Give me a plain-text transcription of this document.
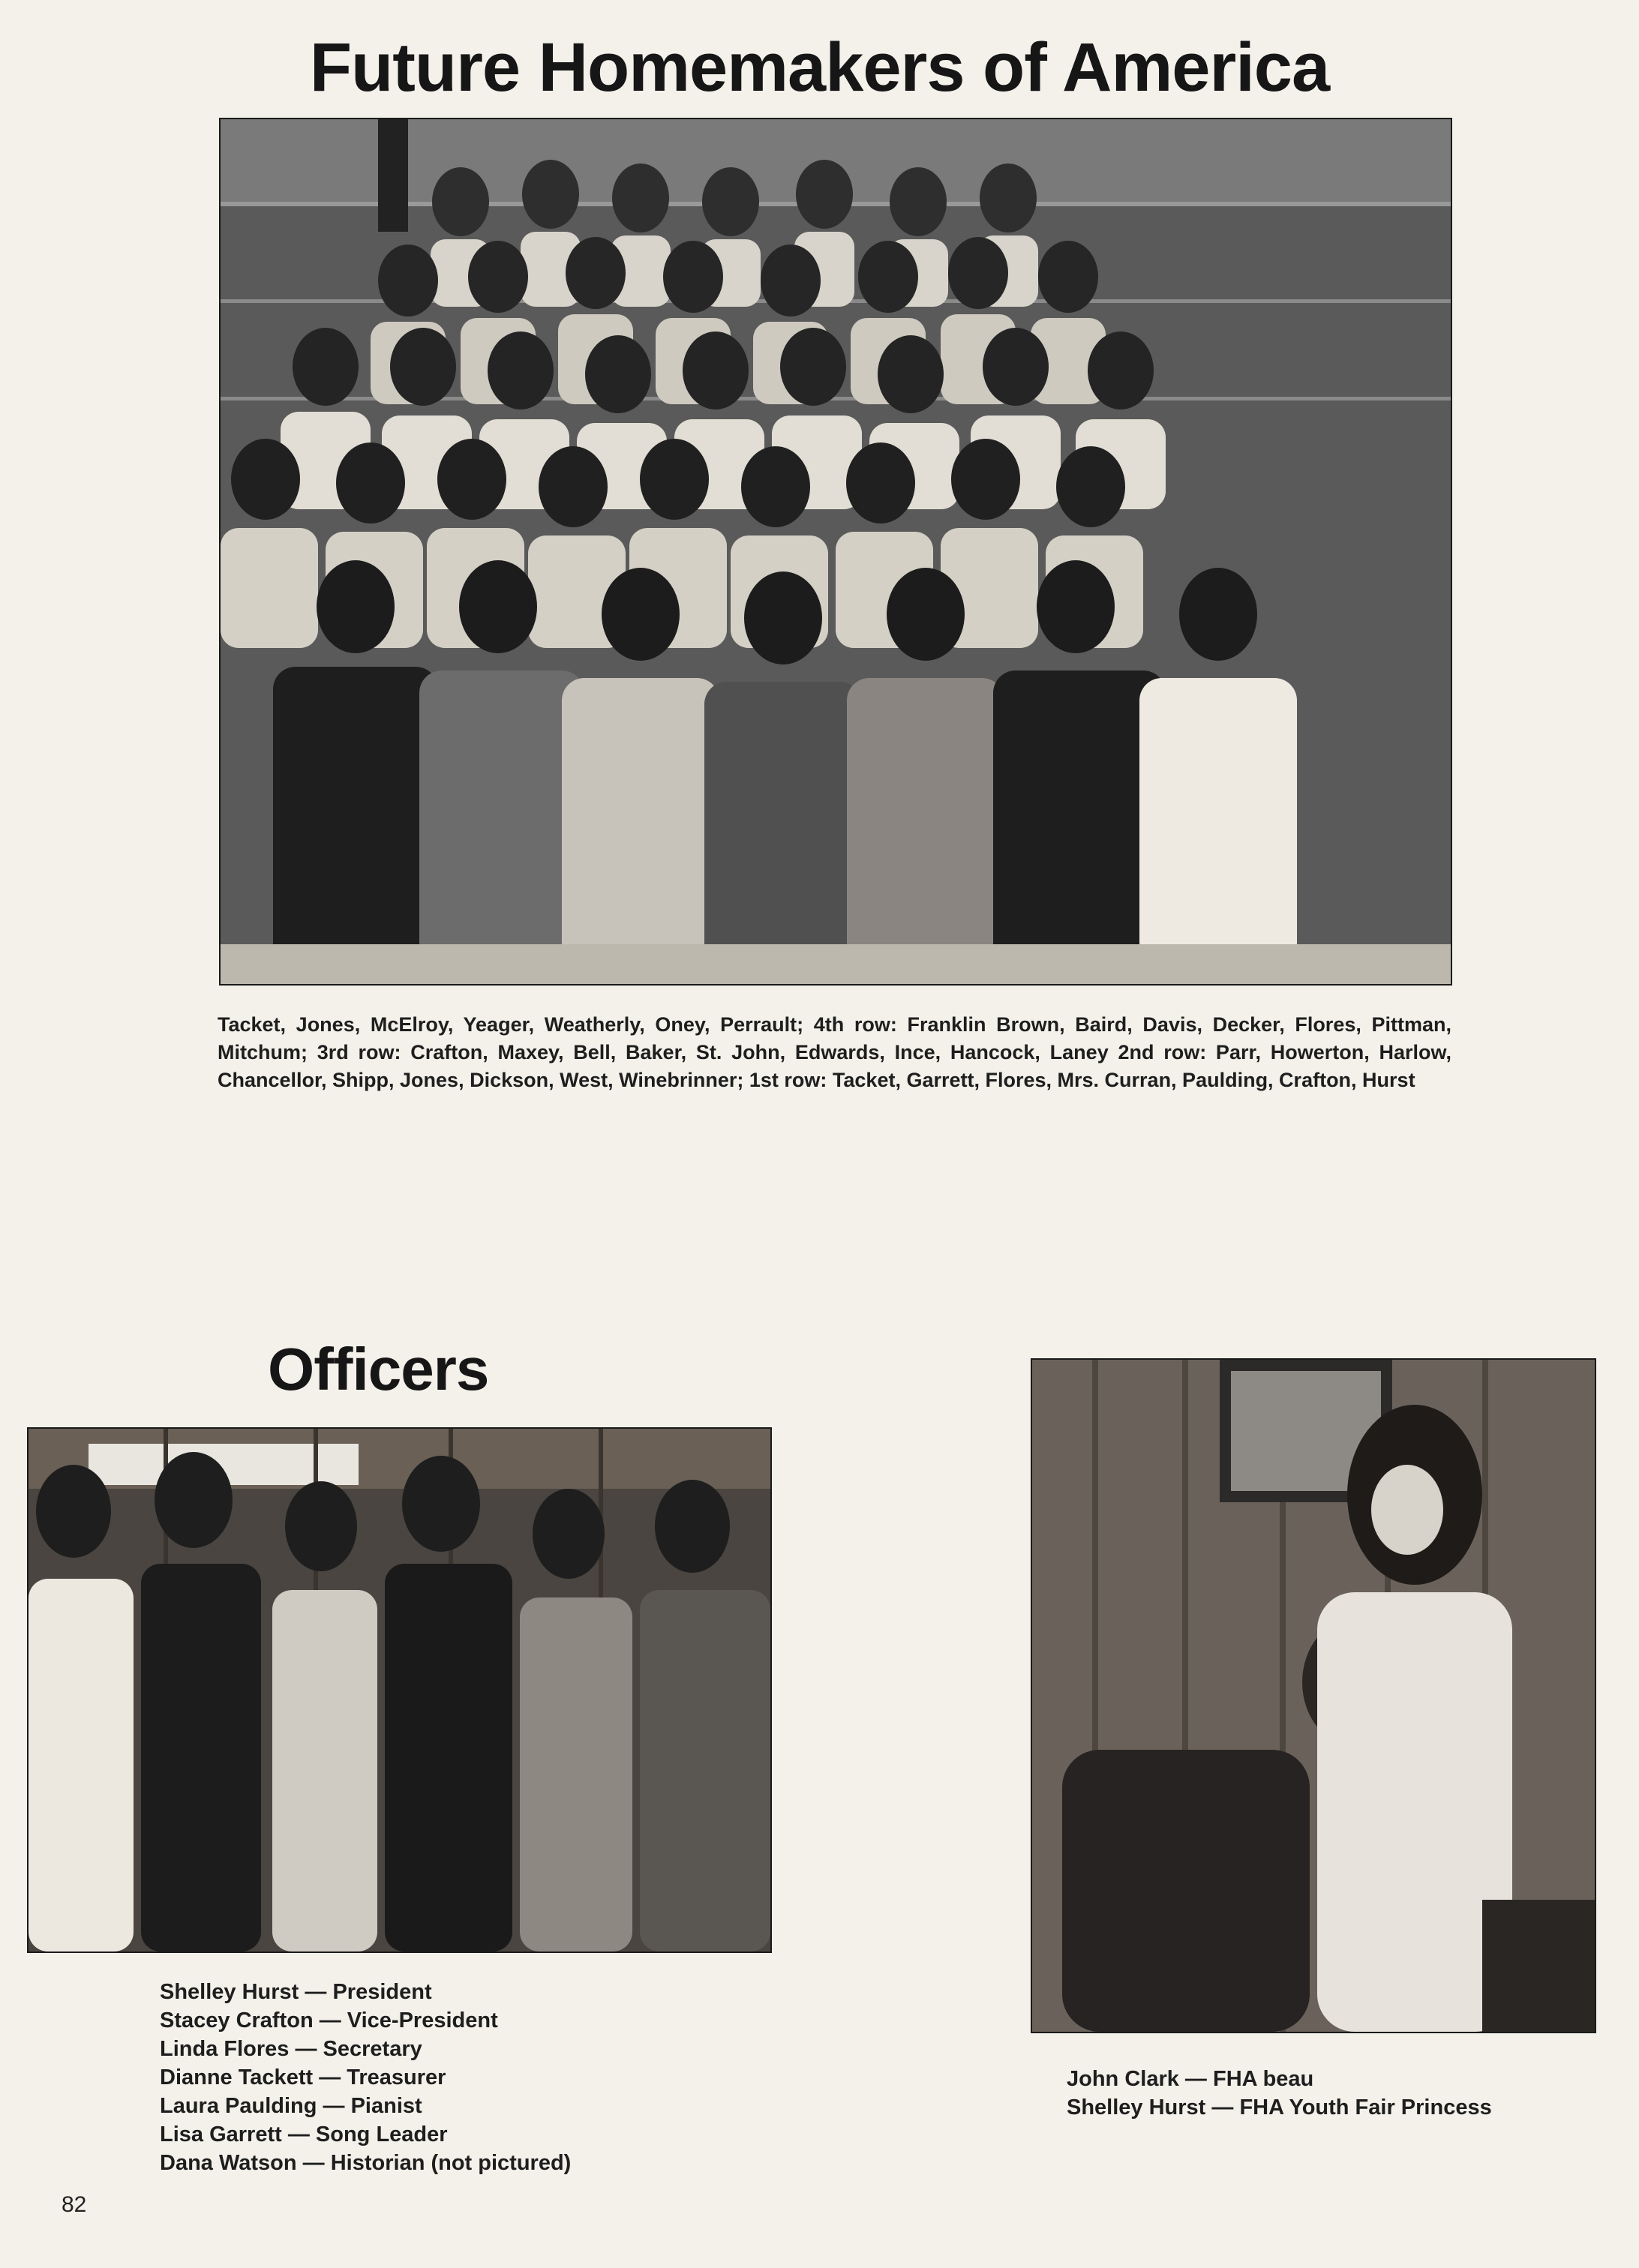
Future Homemakers of America

Tacket, Jones, McElroy, Yeager, Weatherly, Oney, Perrault; 4th row: Franklin Brown, Baird, Davis, Decker, Flores, Pittman, Mitchum; 3rd row: Crafton, Maxey, Bell, Baker, St. John, Edwards, Ince, Hancock, Laney 2nd row: Parr, Howerton, Harlow, Chancellor, Shipp, Jones, Dickson, West, Winebrinner; 1st row: Tacket, Garrett, Flores, Mrs. Curran, Paulding, Crafton, Hurst

Officers
Shelley Hurst — President
Stacey Crafton — Vice-President
Linda Flores — Secretary
Dianne Tackett — Treasurer
Laura Paulding — Pianist
Lisa Garrett — Song Leader
Dana Watson — Historian (not pictured)
John Clark — FHA beau
Shelley Hurst — FHA Youth Fair Princess

82
